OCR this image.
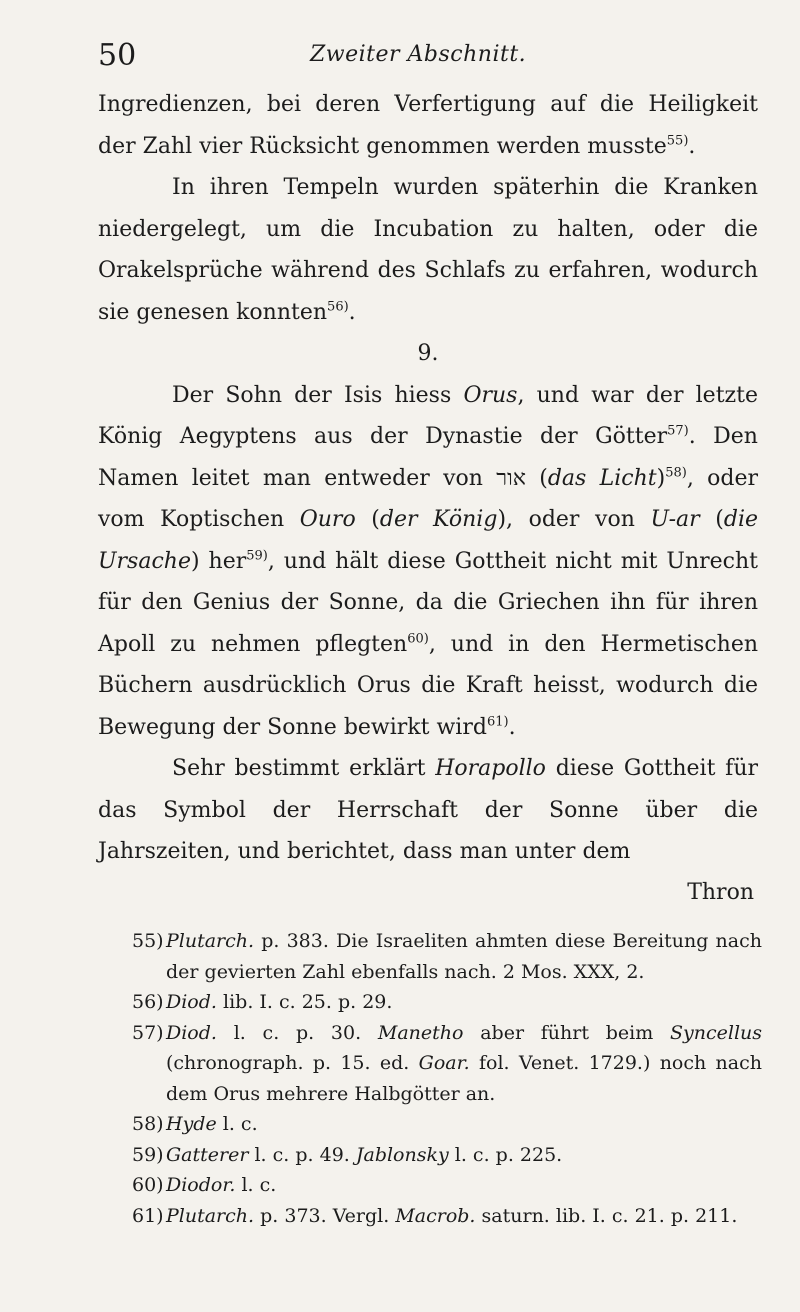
50	Zweiter Abschnitt.

Ingredienzen, bei deren Verfertigung auf die Heiligkeit der Zahl vier Rücksicht genommen werden musste$^{55)}$.

In ihren Tempeln wurden späterhin die Kranken niedergelegt, um die Incubation zu halten, oder die Orakelsprüche während des Schlafs zu erfahren, wodurch sie genesen konnten$^{56)}$.

9.

Der Sohn der Isis hiess Orus, und war der letzte König Aegyptens aus der Dynastie der Götter$^{57)}$. Den Namen leitet man entweder von אור (das Licht)$^{58)}$, oder vom Koptischen Ouro (der König), oder von U-ar (die Ursache) her$^{59)}$, und hält diese Gottheit nicht mit Unrecht für den Genius der Sonne, da die Griechen ihn für ihren Apoll zu nehmen pflegten$^{60)}$, und in den Hermetischen Büchern ausdrücklich Orus die Kraft heisst, wodurch die Bewegung der Sonne bewirkt wird$^{61)}$.

Sehr bestimmt erklärt Horapollo diese Gottheit für das Symbol der Herrschaft der Sonne über die Jahrszeiten, und berichtet, dass man unter dem

Thron

55) Plutarch. p. 383. Die Israeliten ahmten diese Bereitung nach der gevierten Zahl ebenfalls nach. 2 Mos. XXX, 2.

56) Diod. lib. I. c. 25. p. 29.

57) Diod. l. c. p. 30. Manetho aber führt beim Syncellus (chronograph. p. 15. ed. Goar. fol. Venet. 1729.) noch nach dem Orus mehrere Halbgötter an.

58) Hyde l. c.

59) Gatterer l. c. p. 49. Jablonsky l. c. p. 225.

60) Diodor. l. c.

61) Plutarch. p. 373. Vergl. Macrob. saturn. lib. I. c. 21. p. 211.
